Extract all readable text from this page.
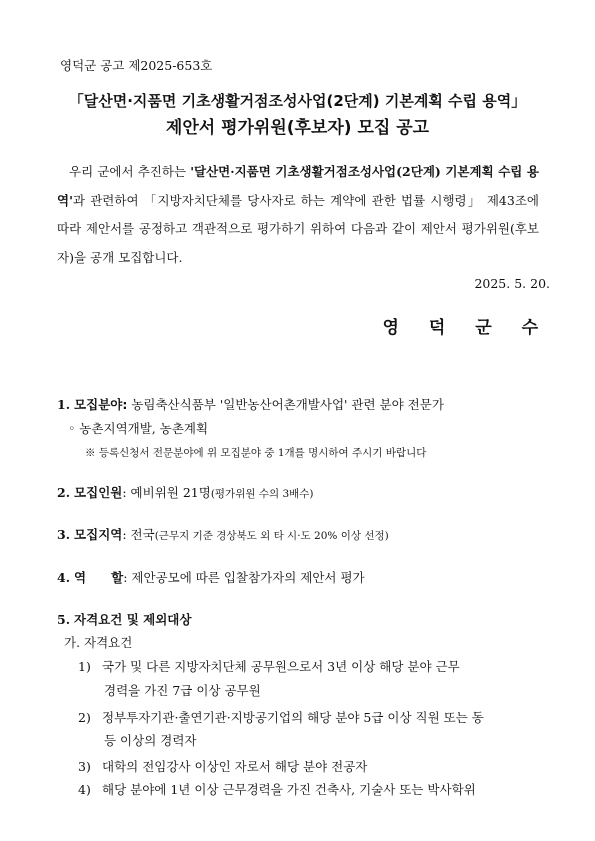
영덕군 공고 제2025-653호
「달산면·지품면 기초생활거점조성사업(2단계) 기본계획 수립 용역」
제안서 평가위원(후보자) 모집 공고
우리 군에서 추진하는 '달산면·지품면 기초생활거점조성사업(2단계) 기본계획 수립 용역'과 관련하여 「지방자치단체를 당사자로 하는 계약에 관한 법률 시행령」 제43조에 따라 제안서를 공정하고 객관적으로 평가하기 위하여 다음과 같이 제안서 평가위원(후보자)을 공개 모집합니다.
2025. 5. 20.
영 덕 군 수
1. 모집분야: 농림축산식품부 '일반농산어촌개발사업' 관련 분야 전문가
◦ 농촌지역개발, 농촌계획
※ 등록신청서 전문분야에 위 모집분야 중 1개를 명시하여 주시기 바랍니다
2. 모집인원: 예비위원 21명(평가위원 수의 3배수)
3. 모집지역: 전국(근무지 기준 경상북도 외 타 시·도 20% 이상 선정)
4. 역　　할: 제안공모에 따른 입찰참가자의 제안서 평가
5. 자격요건 및 제외대상
가. 자격요건
1) 국가 및 다른 지방자치단체 공무원으로서 3년 이상 해당 분야 근무
경력을 가진 7급 이상 공무원
2) 정부투자기관·출연기관·지방공기업의 해당 분야 5급 이상 직원 또는 동
등 이상의 경력자
3) 대학의 전임강사 이상인 자로서 해당 분야 전공자
4) 해당 분야에 1년 이상 근무경력을 가진 건축사, 기술사 또는 박사학위
